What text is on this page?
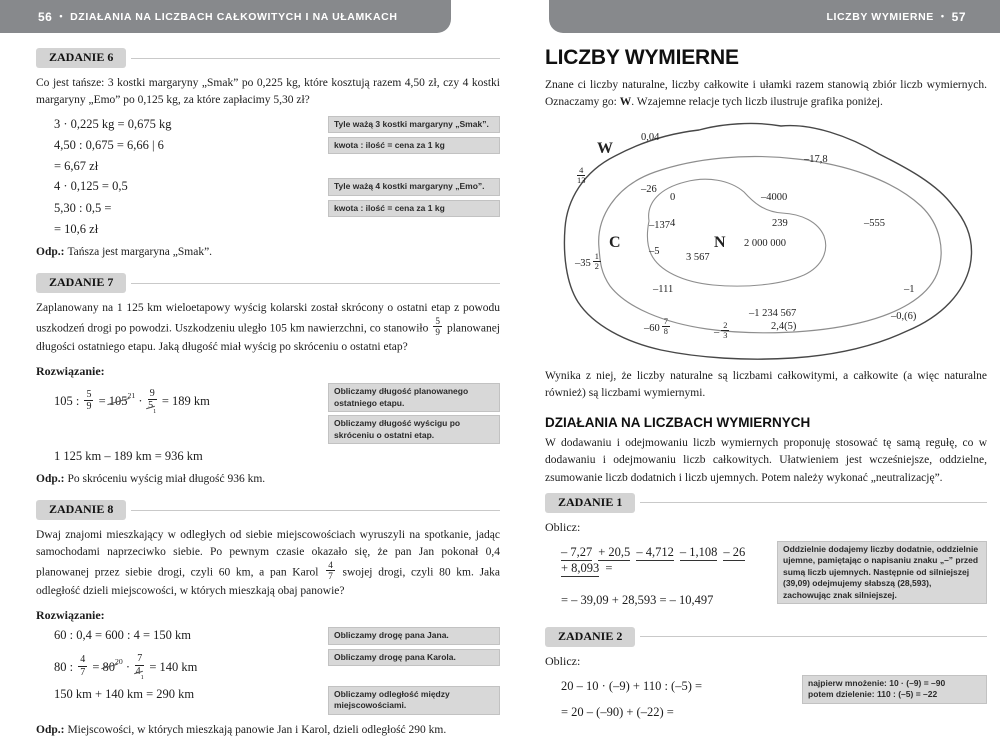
56 • DZIAŁANIA NA LICZBACH CAŁKOWITYCH I NA UŁAMKACH	LICZBY WYMIERNE • 57
ZADANIE 6

Co jest tańsze: 3 kostki margaryny „Smak” po 0,225 kg, które kosztują razem 4,50 zł, czy 4 kostki margaryny „Emo” po 0,125 kg, za które zapłacimy 5,30 zł?

3 · 0,225 kg = 0,675 kg	Tyle ważą 3 kostki margaryny „Smak”.
4,50 : 0,675 = 6,66 | 6	kwota : ilość = cena za 1 kg
= 6,67 zł
4 · 0,125 = 0,5	Tyle ważą 4 kostki margaryny „Emo”.
5,30 : 0,5 =	kwota : ilość = cena za 1 kg
= 10,6 zł

Odp.: Tańsza jest margaryna „Smak”.

ZADANIE 7

Zaplanowany na 1 125 km wieloetapowy wyścig kolarski został skrócony o ostatni etap z powodu uszkodzeń drogi po powodzi. Uszkodzeniu uległo 105 km nawierzchni, co stanowiło $\frac{5}{9}$ planowanej długości ostatniego etapu. Jaką długość miał wyścig po skróceniu o ostatni etap?

Rozwiązanie:
105 : $\frac{5}{9} = 105^{21} \cdot \frac{9}{5_1} = 189$ km
Obliczamy długość planowanego ostatniego etapu.
Obliczamy długość wyścigu po skróceniu o ostatni etap.
1 125 km – 189 km = 936 km

Odp.: Po skróceniu wyścig miał długość 936 km.

ZADANIE 8

Dwaj znajomi mieszkający w odległych od siebie miejscowościach wyruszyli na spotkanie, jadąc samochodami naprzeciwko siebie. Po pewnym czasie okazało się, że pan Jan pokonał 0,4 planowanej przez siebie drogi, czyli 60 km, a pan Karol $\frac{4}{7}$ swojej drogi, czyli 80 km. Jaka odległość dzieli miejscowości, w których mieszkają obaj panowie?

Rozwiązanie:
60 : 0,4 = 600 : 4 = 150 km	Obliczamy drogę pana Jana.
80 : $\frac{4}{7} = 80^{20} \cdot \frac{7}{4_1} = 140$ km
Obliczamy drogę pana Karola.
150 km + 140 km = 290 km	Obliczamy odległość między miejscowościami.

Odp.: Miejscowości, w których mieszkają panowie Jan i Karol, dzieli odległość 290 km.

LICZBY WYMIERNE

Znane ci liczby naturalne, liczby całkowite i ułamki razem stanowią zbiór liczb wymiernych. Oznaczamy go: W. Wzajemne relacje tych liczb ilustruje grafika poniżej.

W
C	N
0,04
–17,8
$\frac{4}{13}$
–26
–137
0	–4000
–5
4	239	–555
2 000 000
$-35 \frac{1}{2}$
–111
3 567
–1
–1 234 567
$-60 \frac{7}{8}$	– $\frac{2}{3}$	2,4(5)
–0,(6)

Wynika z niej, że liczby naturalne są liczbami całkowitymi, a całkowite (a więc naturalne również) są liczbami wymiernymi.

DZIAŁANIA NA LICZBACH WYMIERNYCH

W dodawaniu i odejmowaniu liczb wymiernych proponuję stosować tę samą regułę, co w dodawaniu i odejmowaniu liczb całkowitych. Ułatwieniem jest wcześniejsze, oddzielne, zsumowanie liczb dodatnich i liczb ujemnych. Potem należy wykonać „neutralizację”.

ZADANIE 1
Oblicz:
– 7,27 + 20,5 – 4,712 – 1,108 – 26+ 8,093 =
= – 39,09 + 28,593 = – 10,497
Oddzielnie dodajemy liczby dodatnie, oddzielnie ujemne, pamiętając o napisaniu znaku „–” przed sumą liczb ujemnych. Następnie od silniejszej (39,09) odejmujemy słabszą (28,593), zachowując znak silniejszej.
ZADANIE 2
Oblicz:
20 – 10 · (–9) + 110 : (–5) =
= 20 – (–90) + (–22) =
najpierw mnożenie: 10 · (–9) = –90
potem dzielenie: 110 : (–5) = –22
